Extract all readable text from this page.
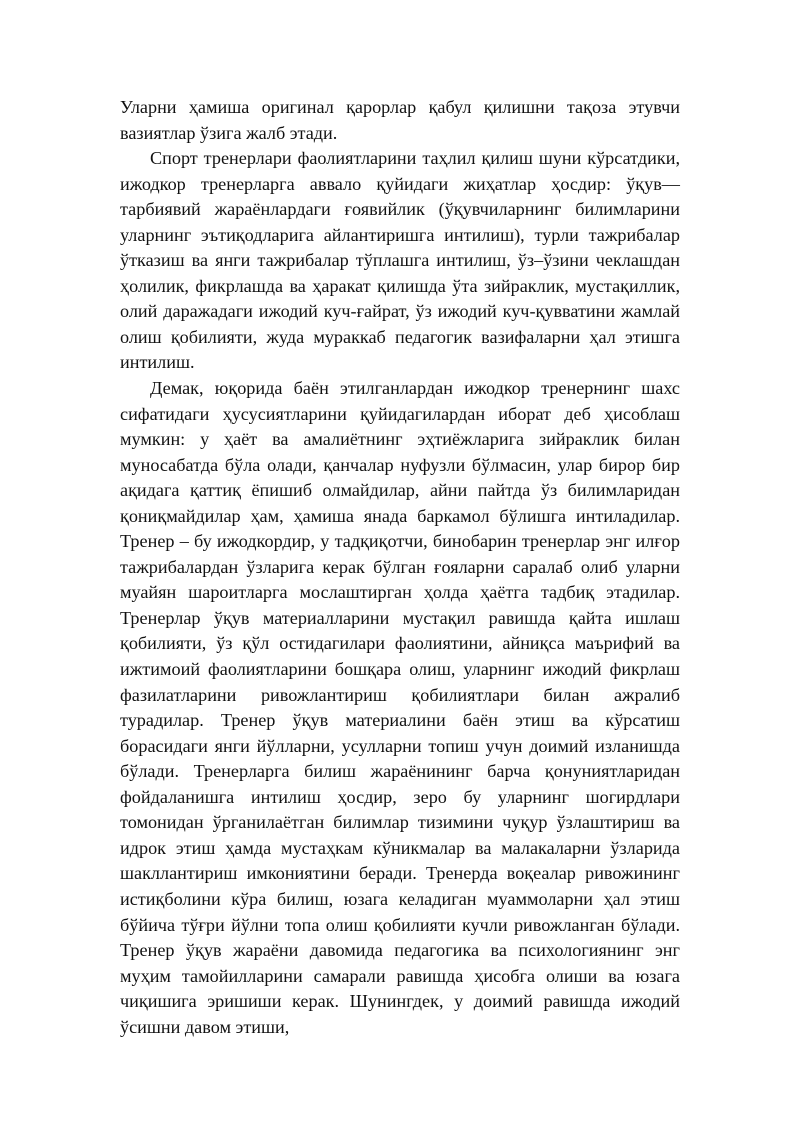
Уларни ҳамиша оригинал қарорлар қабул қилишни тақоза этувчи вазиятлар ўзига жалб этади.

Спорт тренерлари фаолиятларини таҳлил қилиш шуни кўрсатдики, ижодкор тренерларга аввало қуйидаги жиҳатлар ҳосдир: ўқув—тарбиявий жараёнлардаги ғоявийлик (ўқувчиларнинг билимларини уларнинг эътиқодларига айлантиришга интилиш), турли тажрибалар ўтказиш ва янги тажрибалар тўплашга интилиш, ўз–ўзини чеклашдан ҳолилик, фикрлашда ва ҳаракат қилишда ўта зийраклик, мустақиллик, олий даражадаги ижодий куч-ғайрат, ўз ижодий куч-қувватини жамлай олиш қобилияти, жуда мураккаб педагогик вазифаларни ҳал этишга интилиш.

Демак, юқорида баён этилганлардан ижодкор тренернинг шахс сифатидаги ҳусусиятларини қуйидагилардан иборат деб ҳисоблаш мумкин: у ҳаёт ва амалиётнинг эҳтиёжларига зийраклик билан муносабатда бўла олади, қанчалар нуфузли бўлмасин, улар бирор бир ақидага қаттиқ ёпишиб олмайдилар, айни пайтда ўз билимларидан қониқмайдилар ҳам, ҳамиша янада баркамол бўлишга интиладилар. Тренер – бу ижодкордир, у тадқиқотчи, бинобарин тренерлар энг илғор тажрибалардан ўзларига керак бўлган ғояларни саралаб олиб уларни муайян шароитларга мослаштирган ҳолда ҳаётга тадбиқ этадилар. Тренерлар ўқув материалларини мустақил равишда қайта ишлаш қобилияти, ўз қўл остидагилари фаолиятини, айниқса маърифий ва ижтимоий фаолиятларини бошқара олиш, уларнинг ижодий фикрлаш фазилатларини ривожлантириш қобилиятлари билан ажралиб турадилар. Тренер ўқув материалини баён этиш ва кўрсатиш борасидаги янги йўлларни, усулларни топиш учун доимий изланишда бўлади. Тренерларга билиш жараёнининг барча қонуниятларидан фойдаланишга интилиш ҳосдир, зеро бу уларнинг шогирдлари томонидан ўрганилаётган билимлар тизимини чуқур ўзлаштириш ва идрок этиш ҳамда мустаҳкам кўникмалар ва малакаларни ўзларида шакллантириш имкониятини беради. Тренерда воқеалар ривожининг истиқболини кўра билиш, юзага келадиган муаммоларни ҳал этиш бўйича тўғри йўлни топа олиш қобилияти кучли ривожланган бўлади. Тренер ўқув жараёни давомида педагогика ва психологиянинг энг муҳим тамойилларини самарали равишда ҳисобга олиши ва юзага чиқишига эришиши керак. Шунингдек, у доимий равишда ижодий ўсишни давом этиши,
